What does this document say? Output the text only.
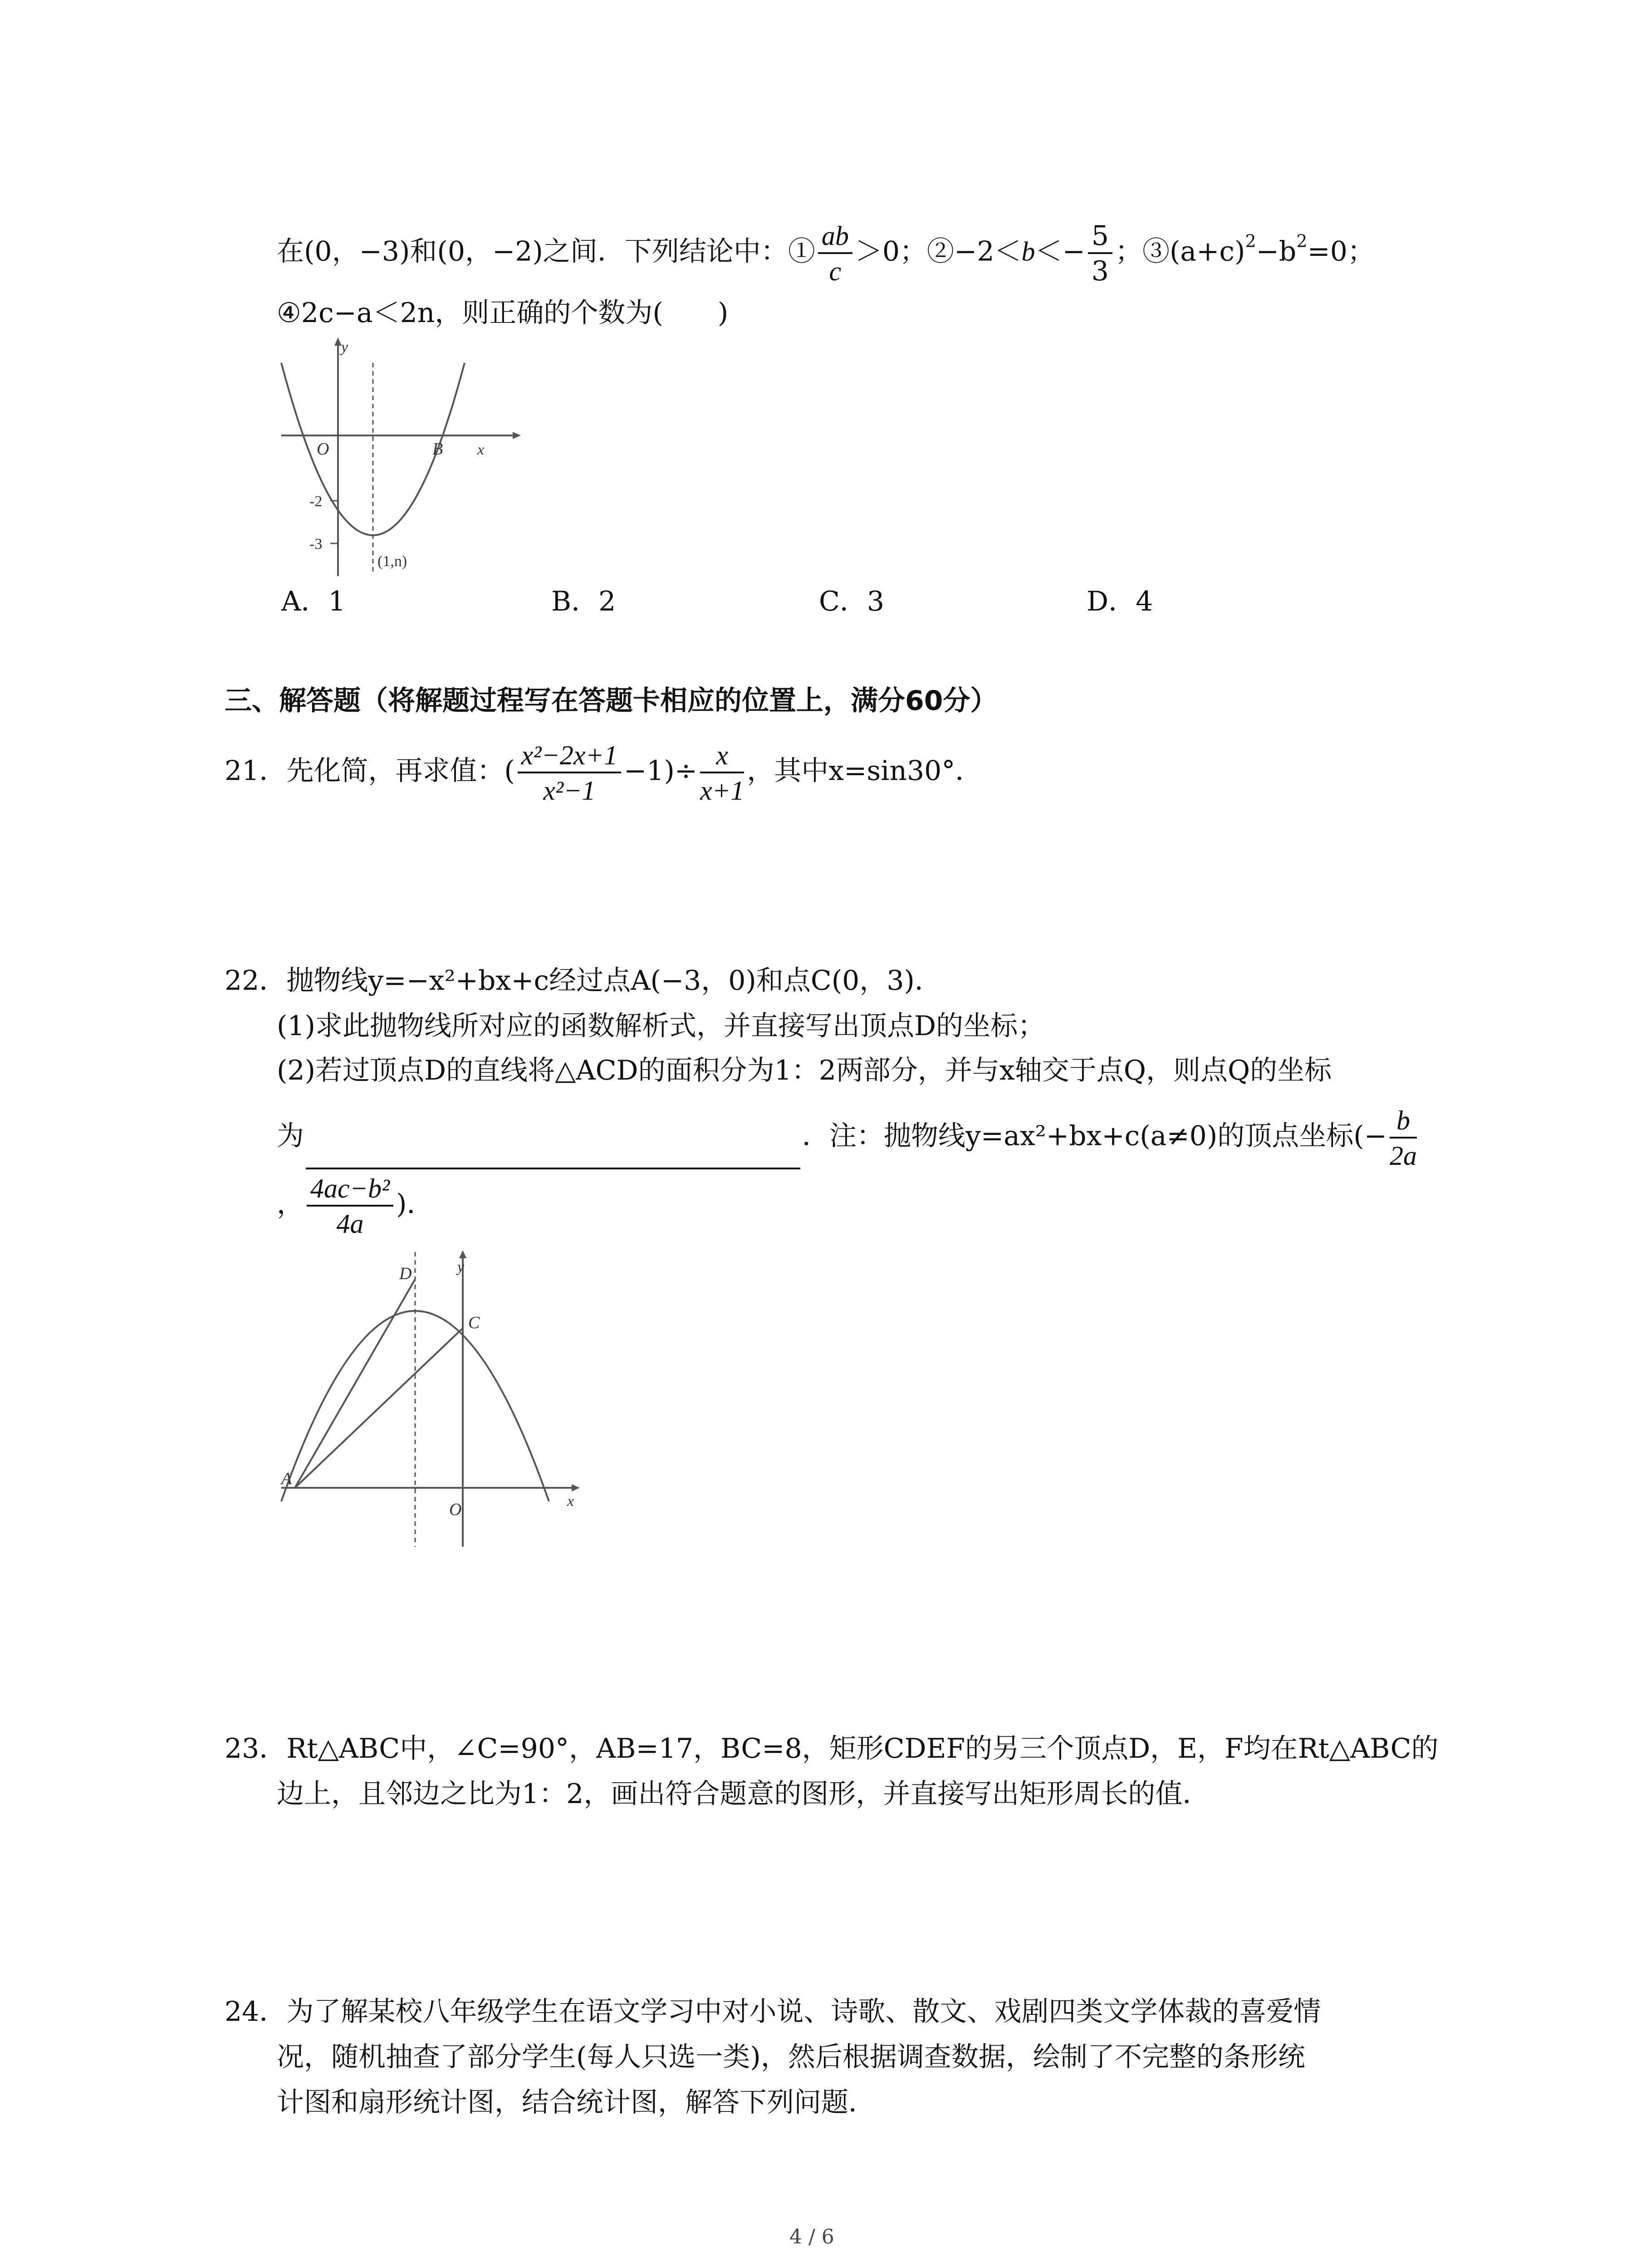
在(0，−3)和(0，−2)之间．下列结论中：① $\frac{ab}{c} >0$；②−2＜b＜− $\frac{5}{3}$ ；$③(a+c)^2-b^2=0$；
④2c−a＜2n，则正确的个数为(　　)
y
x
O	B
-2
-3
(1,n)
A．1	B．2	C．3	D．4
三、解答题（将解题过程写在答题卡相应的位置上，满分60分）
21．先化简，再求值：( $\frac{\text{x²−2x+1}}{\text{x²−1}} -1)\div \frac{x}{x+1}$ ，其中x=sin30°．
22．抛物线y=−x²+bx+c经过点A(−3，0)和点C(0，3)．
(1)求此抛物线所对应的函数解析式，并直接写出顶点D的坐标；
(2)若过顶点D的直线将△ACD的面积分为1：2两部分，并与x轴交于点Q，则点Q的坐标
为	．注：抛物线y=ax²+bx+c(a≠0)的顶点坐标(− $\frac{b}{2a}$
， $\frac{\text{4ac−b²}}{4a}$ )．
D
C
A
O
y
x
23．Rt△ABC中，∠C=90°，AB=17，BC=8，矩形CDEF的另三个顶点D，E，F均在Rt△ABC的
边上，且邻边之比为1：2，画出符合题意的图形，并直接写出矩形周长的值．
24．为了解某校八年级学生在语文学习中对小说、诗歌、散文、戏剧四类文学体裁的喜爱情
况，随机抽查了部分学生(每人只选一类)，然后根据调查数据，绘制了不完整的条形统
计图和扇形统计图，结合统计图，解答下列问题．
4 / 6
